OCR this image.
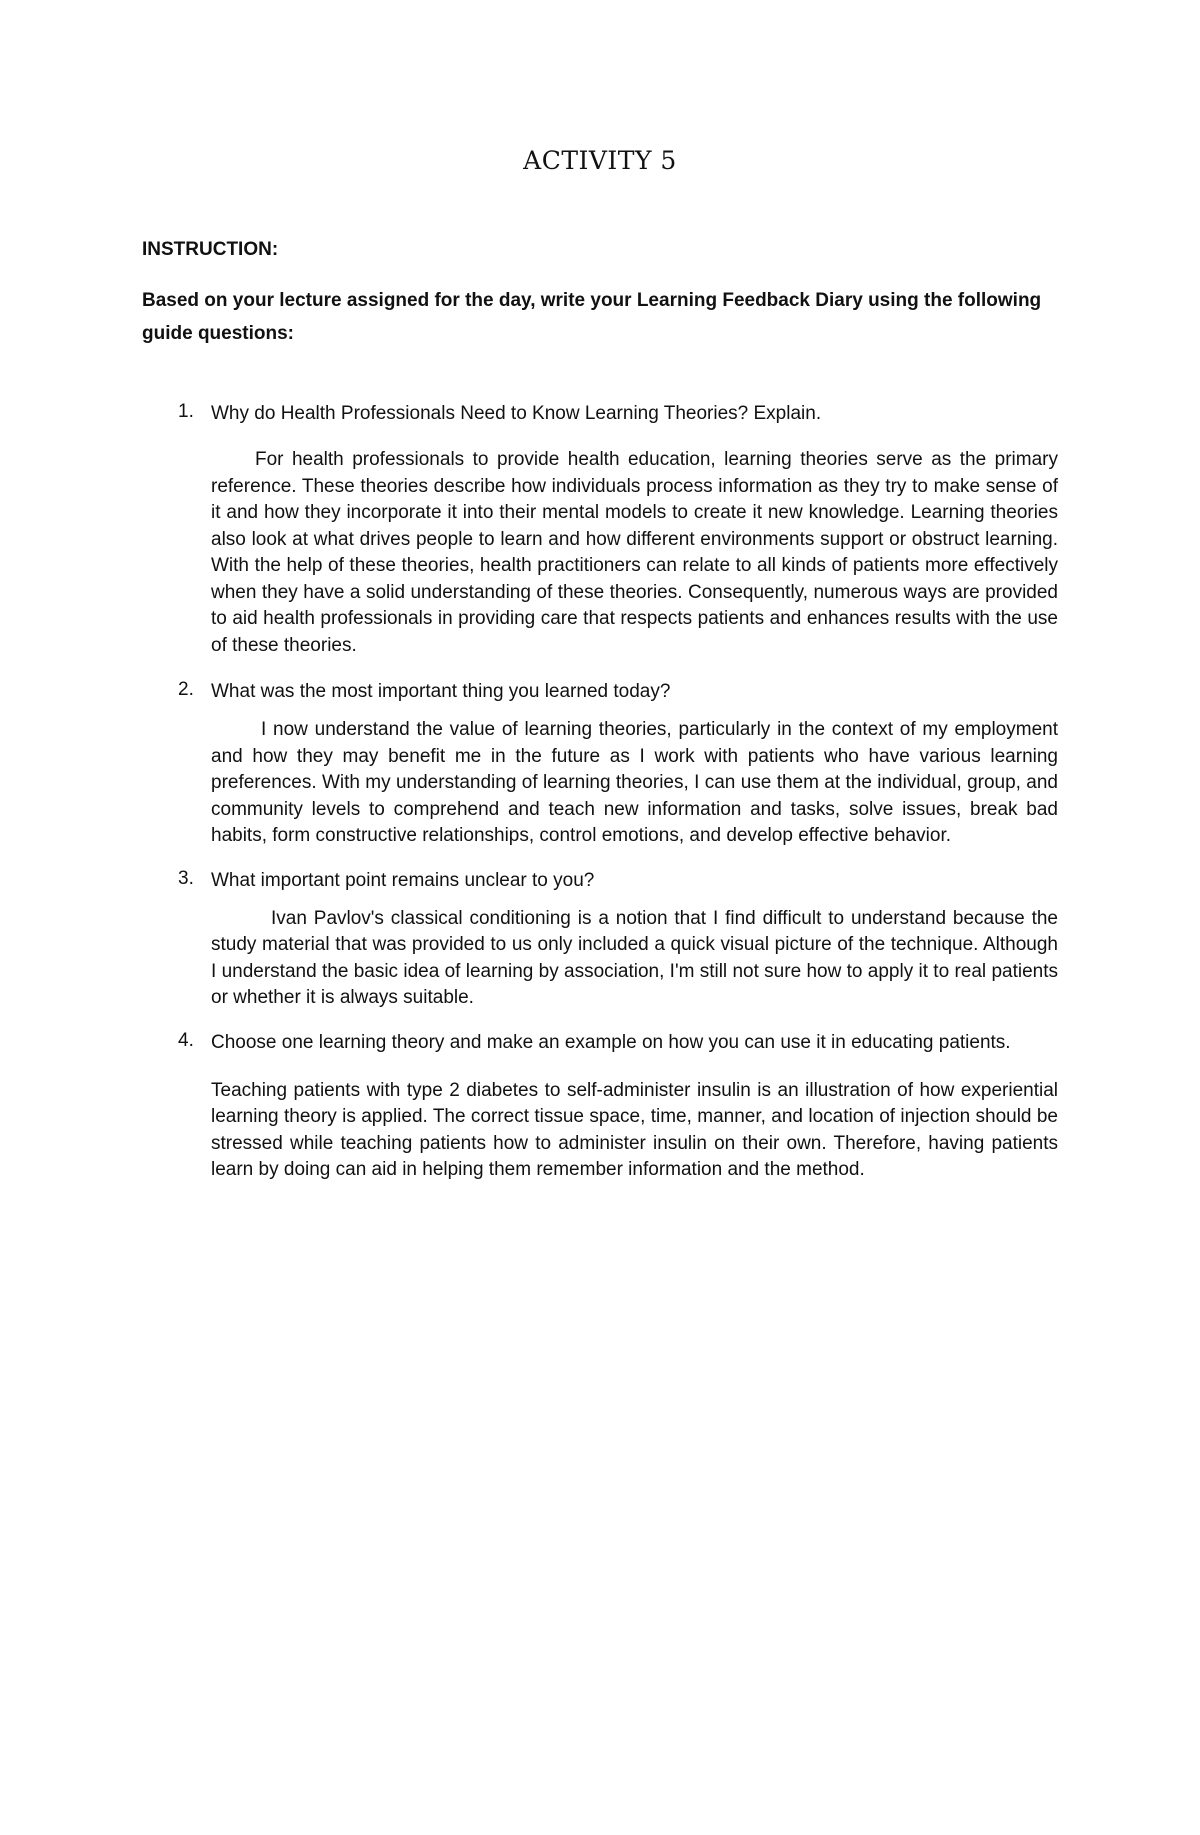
ACTIVITY 5

INSTRUCTION:

Based on your lecture assigned for the day, write your Learning Feedback Diary using the following guide questions:

1. Why do Health Professionals Need to Know Learning Theories? Explain.
For health professionals to provide health education, learning theories serve as the primary reference. These theories describe how individuals process information as they try to make sense of it and how they incorporate it into their mental models to create it new knowledge. Learning theories also look at what drives people to learn and how different environments support or obstruct learning. With the help of these theories, health practitioners can relate to all kinds of patients more effectively when they have a solid understanding of these theories. Consequently, numerous ways are provided to aid health professionals in providing care that respects patients and enhances results with the use of these theories.
2. What was the most important thing you learned today?
I now understand the value of learning theories, particularly in the context of my employment and how they may benefit me in the future as I work with patients who have various learning preferences. With my understanding of learning theories, I can use them at the individual, group, and community levels to comprehend and teach new information and tasks, solve issues, break bad habits, form constructive relationships, control emotions, and develop effective behavior.
3. What important point remains unclear to you?
Ivan Pavlov's classical conditioning is a notion that I find difficult to understand because the study material that was provided to us only included a quick visual picture of the technique. Although I understand the basic idea of learning by association, I'm still not sure how to apply it to real patients or whether it is always suitable.
4. Choose one learning theory and make an example on how you can use it in educating patients.
Teaching patients with type 2 diabetes to self-administer insulin is an illustration of how experiential learning theory is applied. The correct tissue space, time, manner, and location of injection should be stressed while teaching patients how to administer insulin on their own. Therefore, having patients learn by doing can aid in helping them remember information and the method.
